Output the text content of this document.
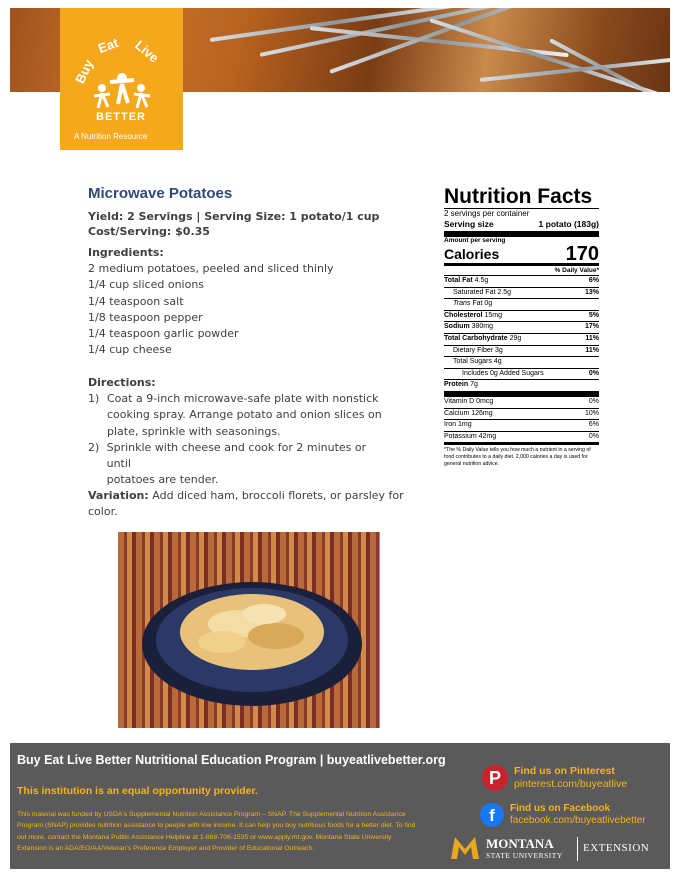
Buy
Eat Live
BETTER
A Nutrition Resource
Microwave Potatoes
Yield: 2 Servings | Serving Size: 1 potato/1 cup
Cost/Serving: $0.35
Ingredients:
2 medium potatoes, peeled and sliced thinly
1/4 cup sliced onions
1/4 teaspoon salt
1/8 teaspoon pepper
1/4 teaspoon garlic powder
1/4 cup cheese
Directions:
1) Coat a 9-inch microwave-safe plate with nonstick
cooking spray. Arrange potato and onion slices on
plate, sprinkle with seasonings.
2) Sprinkle with cheese and cook for 2 minutes or until
potatoes are tender.
Variation: Add diced ham, broccoli florets, or parsley for
color.
Nutrition Facts
2 servings per container
Serving size	1 potato (183g)
Amount per serving
Calories	170
% Daily Value*
Total Fat 4.5g	6%
Saturated Fat 2.5g	13%
Trans Fat 0g
Cholesterol 15mg	5%
Sodium 380mg	17%
Total Carbohydrate 29g	11%
Dietary Fiber 3g	11%
Total Sugars 4g
Includes 0g Added Sugars	0%
Protein 7g
Vitamin D 0mcg	0%
Calcium 126mg	10%
Iron 1mg	6%
Potassium 42mg	0%
*The % Daily Value tells you how much a nutrient in a serving of food contributes to a daily diet. 2,000 calories a day is used for general nutrition advice.
Buy Eat Live Better Nutritional Education Program | buyeatlivebetter.org
This institution is an equal opportunity provider.
This material was funded by USDA's Supplemental Nutrition Assistance Program – SNAP. The Supplemental Nutrition Assistance Program (SNAP) provides nutrition assistance to people with low income. It can help you buy nutritious foods for a better diet. To find out more, contact the Montana Public Assistance Helpline at 1-888-706-1535 or www.apply.mt.gov. Montana State University Extension is an ADA/EO/AA/Veteran's Preference Employer and Provider of Educational Outreach.
P	Find us on Pinterest
pinterest.com/buyeatlive
f	Find us on Facebook
facebook.com/buyeatlivebetter
MONTANA
STATE UNIVERSITY
EXTENSION
